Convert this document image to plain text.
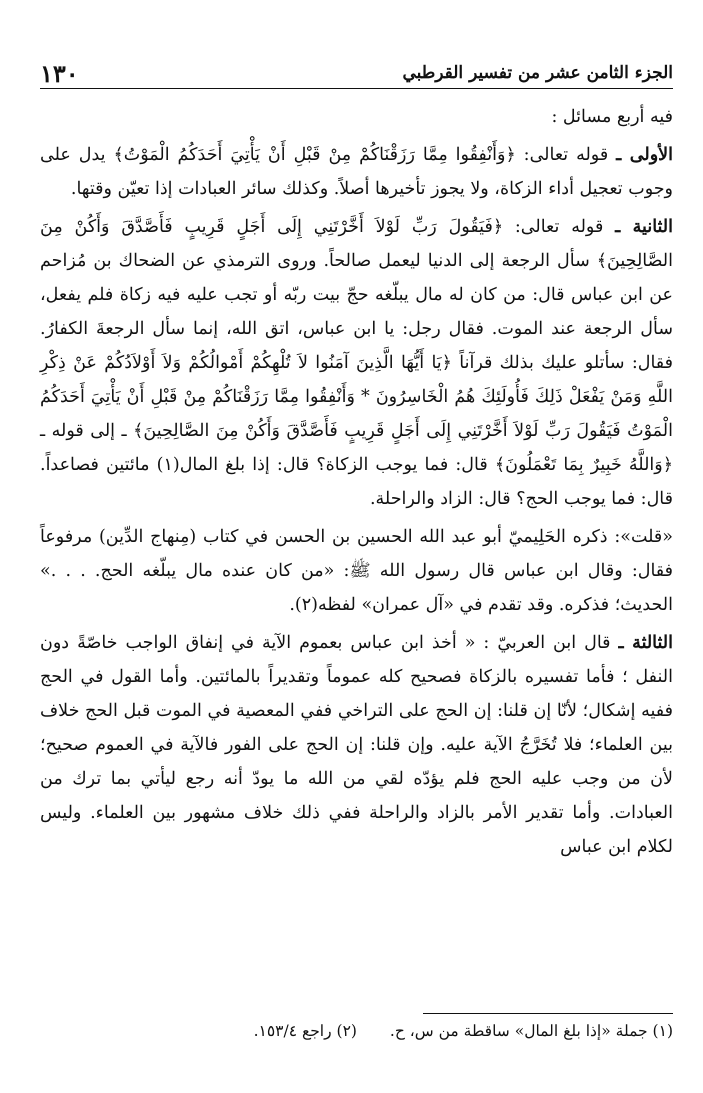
١٣٠	الجزء الثامن عشر من تفسير القرطبي

فيه أربع مسائل :

الأولى ـ قوله تعالى: ﴿وَأَنْفِقُوا مِمَّا رَزَقْنَاكُمْ مِنْ قَبْلِ أَنْ يَأْتِيَ أَحَدَكُمُ الْمَوْتُ﴾ يدل على وجوب تعجيل أداء الزكاة، ولا يجوز تأخيرها أصلاً. وكذلك سائر العبادات إذا تعيّن وقتها.

الثانية ـ قوله تعالى: ﴿فَيَقُولَ رَبِّ لَوْلاَ أَخَّرْتَنِي إِلَى أَجَلٍ قَرِيبٍ فَأَصَّدَّقَ وَأَكُنْ مِنَ الصَّالِحِينَ﴾ سأل الرجعة إلى الدنيا ليعمل صالحاً. وروى الترمذي عن الضحاك بن مُزاحم عن ابن عباس قال: من كان له مال يبلّغه حجّ بيت ربّه أو تجب عليه فيه زكاة فلم يفعل، سأل الرجعة عند الموت. فقال رجل: يا ابن عباس، اتق الله، إنما سأل الرجعةَ الكفارُ. فقال: سأتلو عليك بذلك قرآناً ﴿يَا أَيُّهَا الَّذِينَ آمَنُوا لاَ تُلْهِكُمْ أَمْوالُكُمْ وَلاَ أَوْلاَدُكُمْ عَنْ ذِكْرِ اللَّهِ وَمَنْ يَفْعَلْ ذَلِكَ فَأُولَئِكَ هُمُ الْخَاسِرُونَ * وَأَنْفِقُوا مِمَّا رَزَقْنَاكُمْ مِنْ قَبْلِ أَنْ يَأْتِيَ أَحَدَكُمُ الْمَوْتُ فَيَقُولَ رَبِّ لَوْلاَ أَخَّرْتَنِي إِلَى أَجَلٍ قَرِيبٍ فَأَصَّدَّقَ وَأَكُنْ مِنَ الصَّالِحِينَ﴾ ـ إلى قوله ـ ﴿وَاللَّهُ خَبِيرٌ بِمَا تَعْمَلُونَ﴾ قال: فما يوجب الزكاة؟ قال: إذا بلغ المال(١) مائتين فصاعداً. قال: فما يوجب الحج؟ قال: الزاد والراحلة.

«قلت»: ذكره الحَلِيميّ أبو عبد الله الحسين بن الحسن في كتاب (مِنهاج الدِّين) مرفوعاً فقال: وقال ابن عباس قال رسول الله ﷺ: «من كان عنده مال يبلّغه الحج. . . .» الحديث؛ فذكره. وقد تقدم في «آل عمران» لفظه(٢).

الثالثة ـ قال ابن العربيّ : « أخذ ابن عباس بعموم الآية في إنفاق الواجب خاصّةً دون النفل ؛ فأما تفسيره بالزكاة فصحيح كله عموماً وتقديراً بالمائتين. وأما القول في الحج ففيه إشكال؛ لأنّا إن قلنا: إن الحج على التراخي ففي المعصية في الموت قبل الحج خلاف بين العلماء؛ فلا تُخَرَّجُ الآية عليه. وإن قلنا: إن الحج على الفور فالآية في العموم صحيح؛ لأن من وجب عليه الحج فلم يؤدّه لقي من الله ما يودّ أنه رجع ليأتي بما ترك من العبادات. وأما تقدير الأمر بالزاد والراحلة ففي ذلك خلاف مشهور بين العلماء. وليس لكلام ابن عباس

(١) جملة «إذا بلغ المال» ساقطة من س، ح. (٢) راجع ١٥٣/٤.
